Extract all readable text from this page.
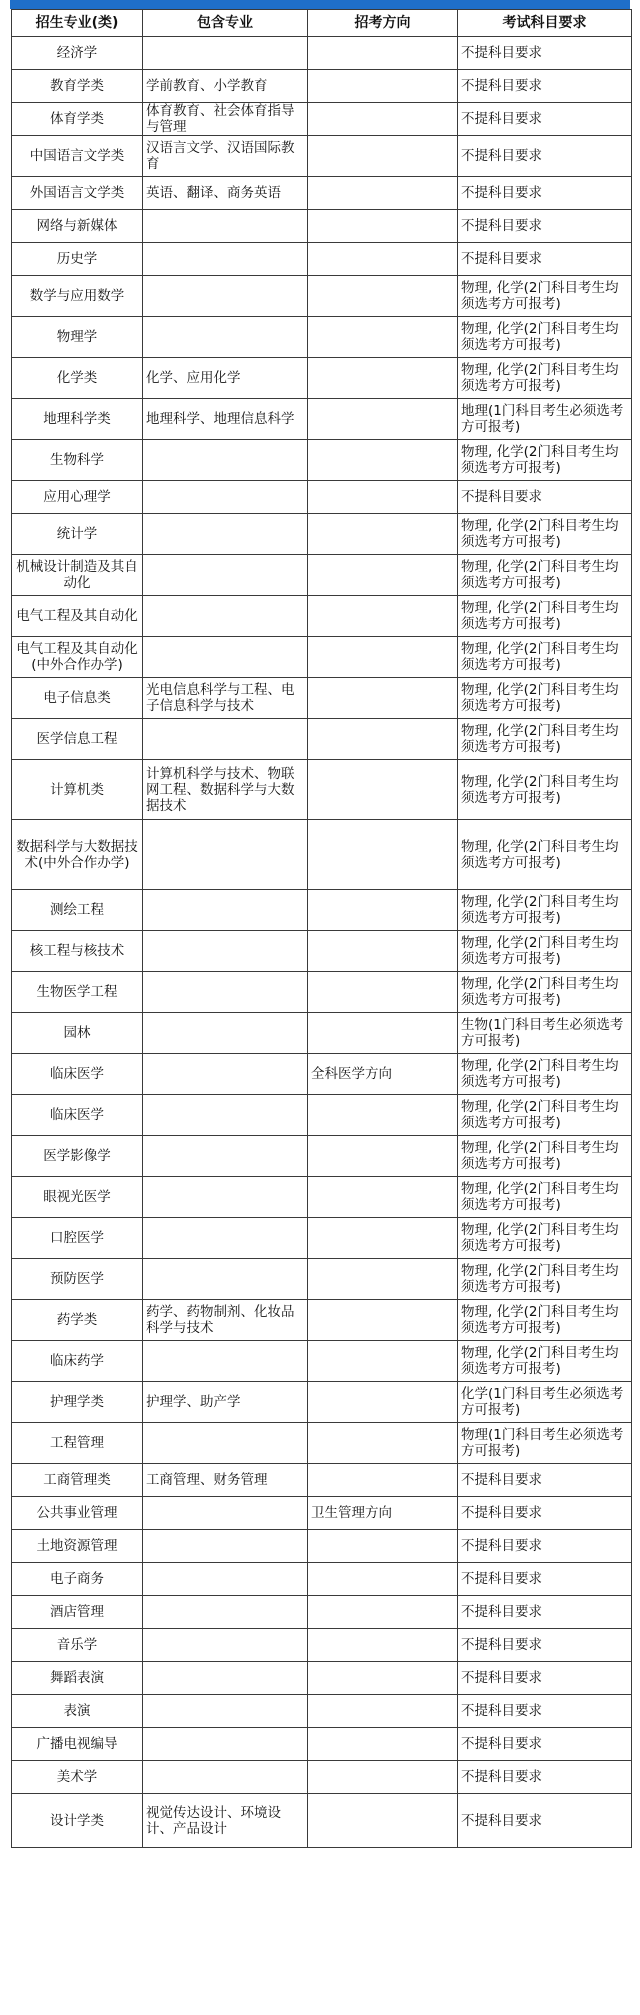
招生专业(类)	包含专业	招考方向	考试科目要求
经济学			不提科目要求
教育学类	学前教育、小学教育		不提科目要求
体育学类	体育教育、社会体育指导与管理		不提科目要求
中国语言文学类	汉语言文学、汉语国际教育		不提科目要求
外国语言文学类	英语、翻译、商务英语		不提科目要求
网络与新媒体			不提科目要求
历史学			不提科目要求
数学与应用数学			物理, 化学(2门科目考生均须选考方可报考)
物理学			物理, 化学(2门科目考生均须选考方可报考)
化学类	化学、应用化学		物理, 化学(2门科目考生均须选考方可报考)
地理科学类	地理科学、地理信息科学		地理(1门科目考生必须选考方可报考)
生物科学			物理, 化学(2门科目考生均须选考方可报考)
应用心理学			不提科目要求
统计学			物理, 化学(2门科目考生均须选考方可报考)
机械设计制造及其自动化			物理, 化学(2门科目考生均须选考方可报考)
电气工程及其自动化			物理, 化学(2门科目考生均须选考方可报考)
电气工程及其自动化(中外合作办学)			物理, 化学(2门科目考生均须选考方可报考)
电子信息类	光电信息科学与工程、电子信息科学与技术		物理, 化学(2门科目考生均须选考方可报考)
医学信息工程			物理, 化学(2门科目考生均须选考方可报考)
计算机类	计算机科学与技术、物联网工程、数据科学与大数据技术		物理, 化学(2门科目考生均须选考方可报考)
数据科学与大数据技术(中外合作办学)			物理, 化学(2门科目考生均须选考方可报考)
测绘工程			物理, 化学(2门科目考生均须选考方可报考)
核工程与核技术			物理, 化学(2门科目考生均须选考方可报考)
生物医学工程			物理, 化学(2门科目考生均须选考方可报考)
园林			生物(1门科目考生必须选考方可报考)
临床医学		全科医学方向	物理, 化学(2门科目考生均须选考方可报考)
临床医学			物理, 化学(2门科目考生均须选考方可报考)
医学影像学			物理, 化学(2门科目考生均须选考方可报考)
眼视光医学			物理, 化学(2门科目考生均须选考方可报考)
口腔医学			物理, 化学(2门科目考生均须选考方可报考)
预防医学			物理, 化学(2门科目考生均须选考方可报考)
药学类	药学、药物制剂、化妆品科学与技术		物理, 化学(2门科目考生均须选考方可报考)
临床药学			物理, 化学(2门科目考生均须选考方可报考)
护理学类	护理学、助产学		化学(1门科目考生必须选考方可报考)
工程管理			物理(1门科目考生必须选考方可报考)
工商管理类	工商管理、财务管理		不提科目要求
公共事业管理		卫生管理方向	不提科目要求
土地资源管理			不提科目要求
电子商务			不提科目要求
酒店管理			不提科目要求
音乐学			不提科目要求
舞蹈表演			不提科目要求
表演			不提科目要求
广播电视编导			不提科目要求
美术学			不提科目要求
设计学类	视觉传达设计、环境设计、产品设计		不提科目要求
